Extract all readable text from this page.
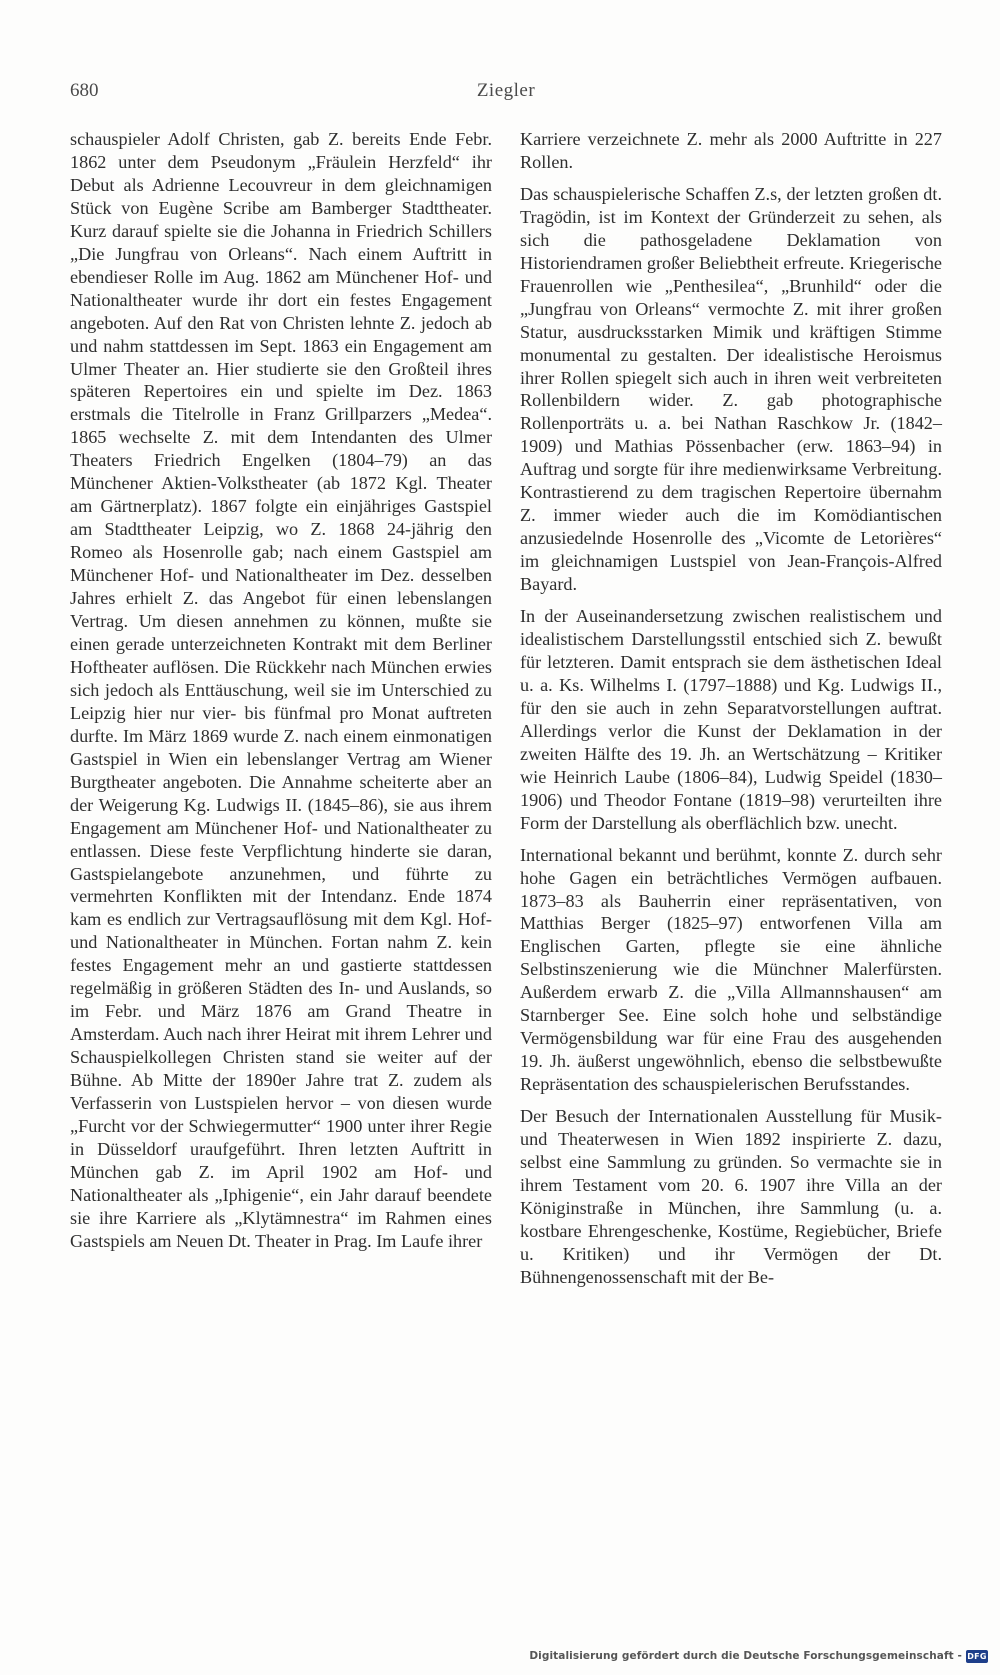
680	Ziegler

schauspieler Adolf Christen, gab Z. bereits Ende Febr. 1862 unter dem Pseudonym „Fräulein Herzfeld“ ihr Debut als Adrienne Lecouvreur in dem gleichnamigen Stück von Eugène Scribe am Bamberger Stadttheater. Kurz darauf spielte sie die Johanna in Friedrich Schillers „Die Jungfrau von Orleans“. Nach einem Auftritt in ebendieser Rolle im Aug. 1862 am Münchener Hof- und Nationaltheater wurde ihr dort ein festes Engagement angeboten. Auf den Rat von Christen lehnte Z. jedoch ab und nahm stattdessen im Sept. 1863 ein Engagement am Ulmer Theater an. Hier studierte sie den Großteil ihres späteren Repertoires ein und spielte im Dez. 1863 erstmals die Titelrolle in Franz Grillparzers „Medea“. 1865 wechselte Z. mit dem Intendanten des Ulmer Theaters Friedrich Engelken (1804–79) an das Münchener Aktien-Volkstheater (ab 1872 Kgl. Theater am Gärtnerplatz). 1867 folgte ein einjähriges Gastspiel am Stadttheater Leipzig, wo Z. 1868 24-jährig den Romeo als Hosenrolle gab; nach einem Gastspiel am Münchener Hof- und Nationaltheater im Dez. desselben Jahres erhielt Z. das Angebot für einen lebenslangen Vertrag. Um diesen annehmen zu können, mußte sie einen gerade unterzeichneten Kontrakt mit dem Berliner Hoftheater auflösen. Die Rückkehr nach München erwies sich jedoch als Enttäuschung, weil sie im Unterschied zu Leipzig hier nur vier- bis fünfmal pro Monat auftreten durfte. Im März 1869 wurde Z. nach einem einmonatigen Gastspiel in Wien ein lebenslanger Vertrag am Wiener Burgtheater angeboten. Die Annahme scheiterte aber an der Weigerung Kg. Ludwigs II. (1845–86), sie aus ihrem Engagement am Münchener Hof- und Nationaltheater zu entlassen. Diese feste Verpflichtung hinderte sie daran, Gastspielangebote anzunehmen, und führte zu vermehrten Konflikten mit der Intendanz. Ende 1874 kam es endlich zur Vertragsauflösung mit dem Kgl. Hof- und Nationaltheater in München. Fortan nahm Z. kein festes Engagement mehr an und gastierte stattdessen regelmäßig in größeren Städten des In- und Auslands, so im Febr. und März 1876 am Grand Theatre in Amsterdam. Auch nach ihrer Heirat mit ihrem Lehrer und Schauspielkollegen Christen stand sie weiter auf der Bühne. Ab Mitte der 1890er Jahre trat Z. zudem als Verfasserin von Lustspielen hervor – von diesen wurde „Furcht vor der Schwiegermutter“ 1900 unter ihrer Regie in Düsseldorf uraufgeführt. Ihren letzten Auftritt in München gab Z. im April 1902 am Hof- und Nationaltheater als „Iphigenie“, ein Jahr darauf beendete sie ihre Karriere als „Klytämnestra“ im Rahmen eines Gastspiels am Neuen Dt. Theater in Prag. Im Laufe ihrer

Karriere verzeichnete Z. mehr als 2000 Auftritte in 227 Rollen.

Das schauspielerische Schaffen Z.s, der letzten großen dt. Tragödin, ist im Kontext der Gründerzeit zu sehen, als sich die pathosgeladene Deklamation von Historiendramen großer Beliebtheit erfreute. Kriegerische Frauenrollen wie „Penthesilea“, „Brunhild“ oder die „Jungfrau von Orleans“ vermochte Z. mit ihrer großen Statur, ausdrucksstarken Mimik und kräftigen Stimme monumental zu gestalten. Der idealistische Heroismus ihrer Rollen spiegelt sich auch in ihren weit verbreiteten Rollenbildern wider. Z. gab photographische Rollenporträts u. a. bei Nathan Raschkow Jr. (1842–1909) und Mathias Pössenbacher (erw. 1863–94) in Auftrag und sorgte für ihre medienwirksame Verbreitung. Kontrastierend zu dem tragischen Repertoire übernahm Z. immer wieder auch die im Komödiantischen anzusiedelnde Hosenrolle des „Vicomte de Letorières“ im gleichnamigen Lustspiel von Jean-François-Alfred Bayard.

In der Auseinandersetzung zwischen realistischem und idealistischem Darstellungsstil entschied sich Z. bewußt für letzteren. Damit entsprach sie dem ästhetischen Ideal u. a. Ks. Wilhelms I. (1797–1888) und Kg. Ludwigs II., für den sie auch in zehn Separatvorstellungen auftrat. Allerdings verlor die Kunst der Deklamation in der zweiten Hälfte des 19. Jh. an Wertschätzung – Kritiker wie Heinrich Laube (1806–84), Ludwig Speidel (1830–1906) und Theodor Fontane (1819–98) verurteilten ihre Form der Darstellung als oberflächlich bzw. unecht.

International bekannt und berühmt, konnte Z. durch sehr hohe Gagen ein beträchtliches Vermögen aufbauen. 1873–83 als Bauherrin einer repräsentativen, von Matthias Berger (1825–97) entworfenen Villa am Englischen Garten, pflegte sie eine ähnliche Selbstinszenierung wie die Münchner Malerfürsten. Außerdem erwarb Z. die „Villa Allmannshausen“ am Starnberger See. Eine solch hohe und selbständige Vermögensbildung war für eine Frau des ausgehenden 19. Jh. äußerst ungewöhnlich, ebenso die selbstbewußte Repräsentation des schauspielerischen Berufsstandes.

Der Besuch der Internationalen Ausstellung für Musik- und Theaterwesen in Wien 1892 inspirierte Z. dazu, selbst eine Sammlung zu gründen. So vermachte sie in ihrem Testament vom 20. 6. 1907 ihre Villa an der Königinstraße in München, ihre Sammlung (u. a. kostbare Ehrengeschenke, Kostüme, Regiebücher, Briefe u. Kritiken) und ihr Vermögen der Dt. Bühnengenossenschaft mit der Be-

Digitalisierung gefördert durch die Deutsche Forschungsgemeinschaft - DFG
